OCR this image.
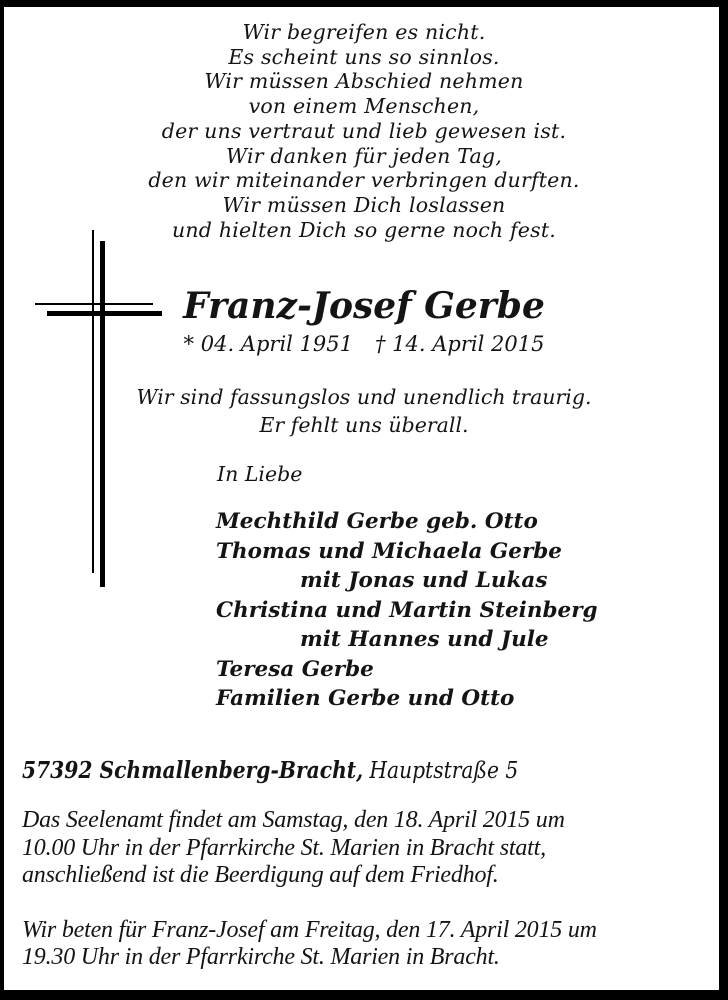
Wir begreifen es nicht.
Es scheint uns so sinnlos.
Wir müssen Abschied nehmen
von einem Menschen,
der uns vertraut und lieb gewesen ist.
Wir danken für jeden Tag,
den wir miteinander verbringen durften.
Wir müssen Dich loslassen
und hielten Dich so gerne noch fest.
Franz-Josef Gerbe
* 04. April 1951 † 14. April 2015
Wir sind fassungslos und unendlich traurig.
Er fehlt uns überall.
In Liebe
Mechthild Gerbe geb. Otto
Thomas und Michaela Gerbe
mit Jonas und Lukas
Christina und Martin Steinberg
mit Hannes und Jule
Teresa Gerbe
Familien Gerbe und Otto
57392 Schmallenberg-Bracht, Hauptstraße 5
Das Seelenamt findet am Samstag, den 18. April 2015 um
10.00 Uhr in der Pfarrkirche St. Marien in Bracht statt,
anschließend ist die Beerdigung auf dem Friedhof.
Wir beten für Franz-Josef am Freitag, den 17. April 2015 um
19.30 Uhr in der Pfarrkirche St. Marien in Bracht.
